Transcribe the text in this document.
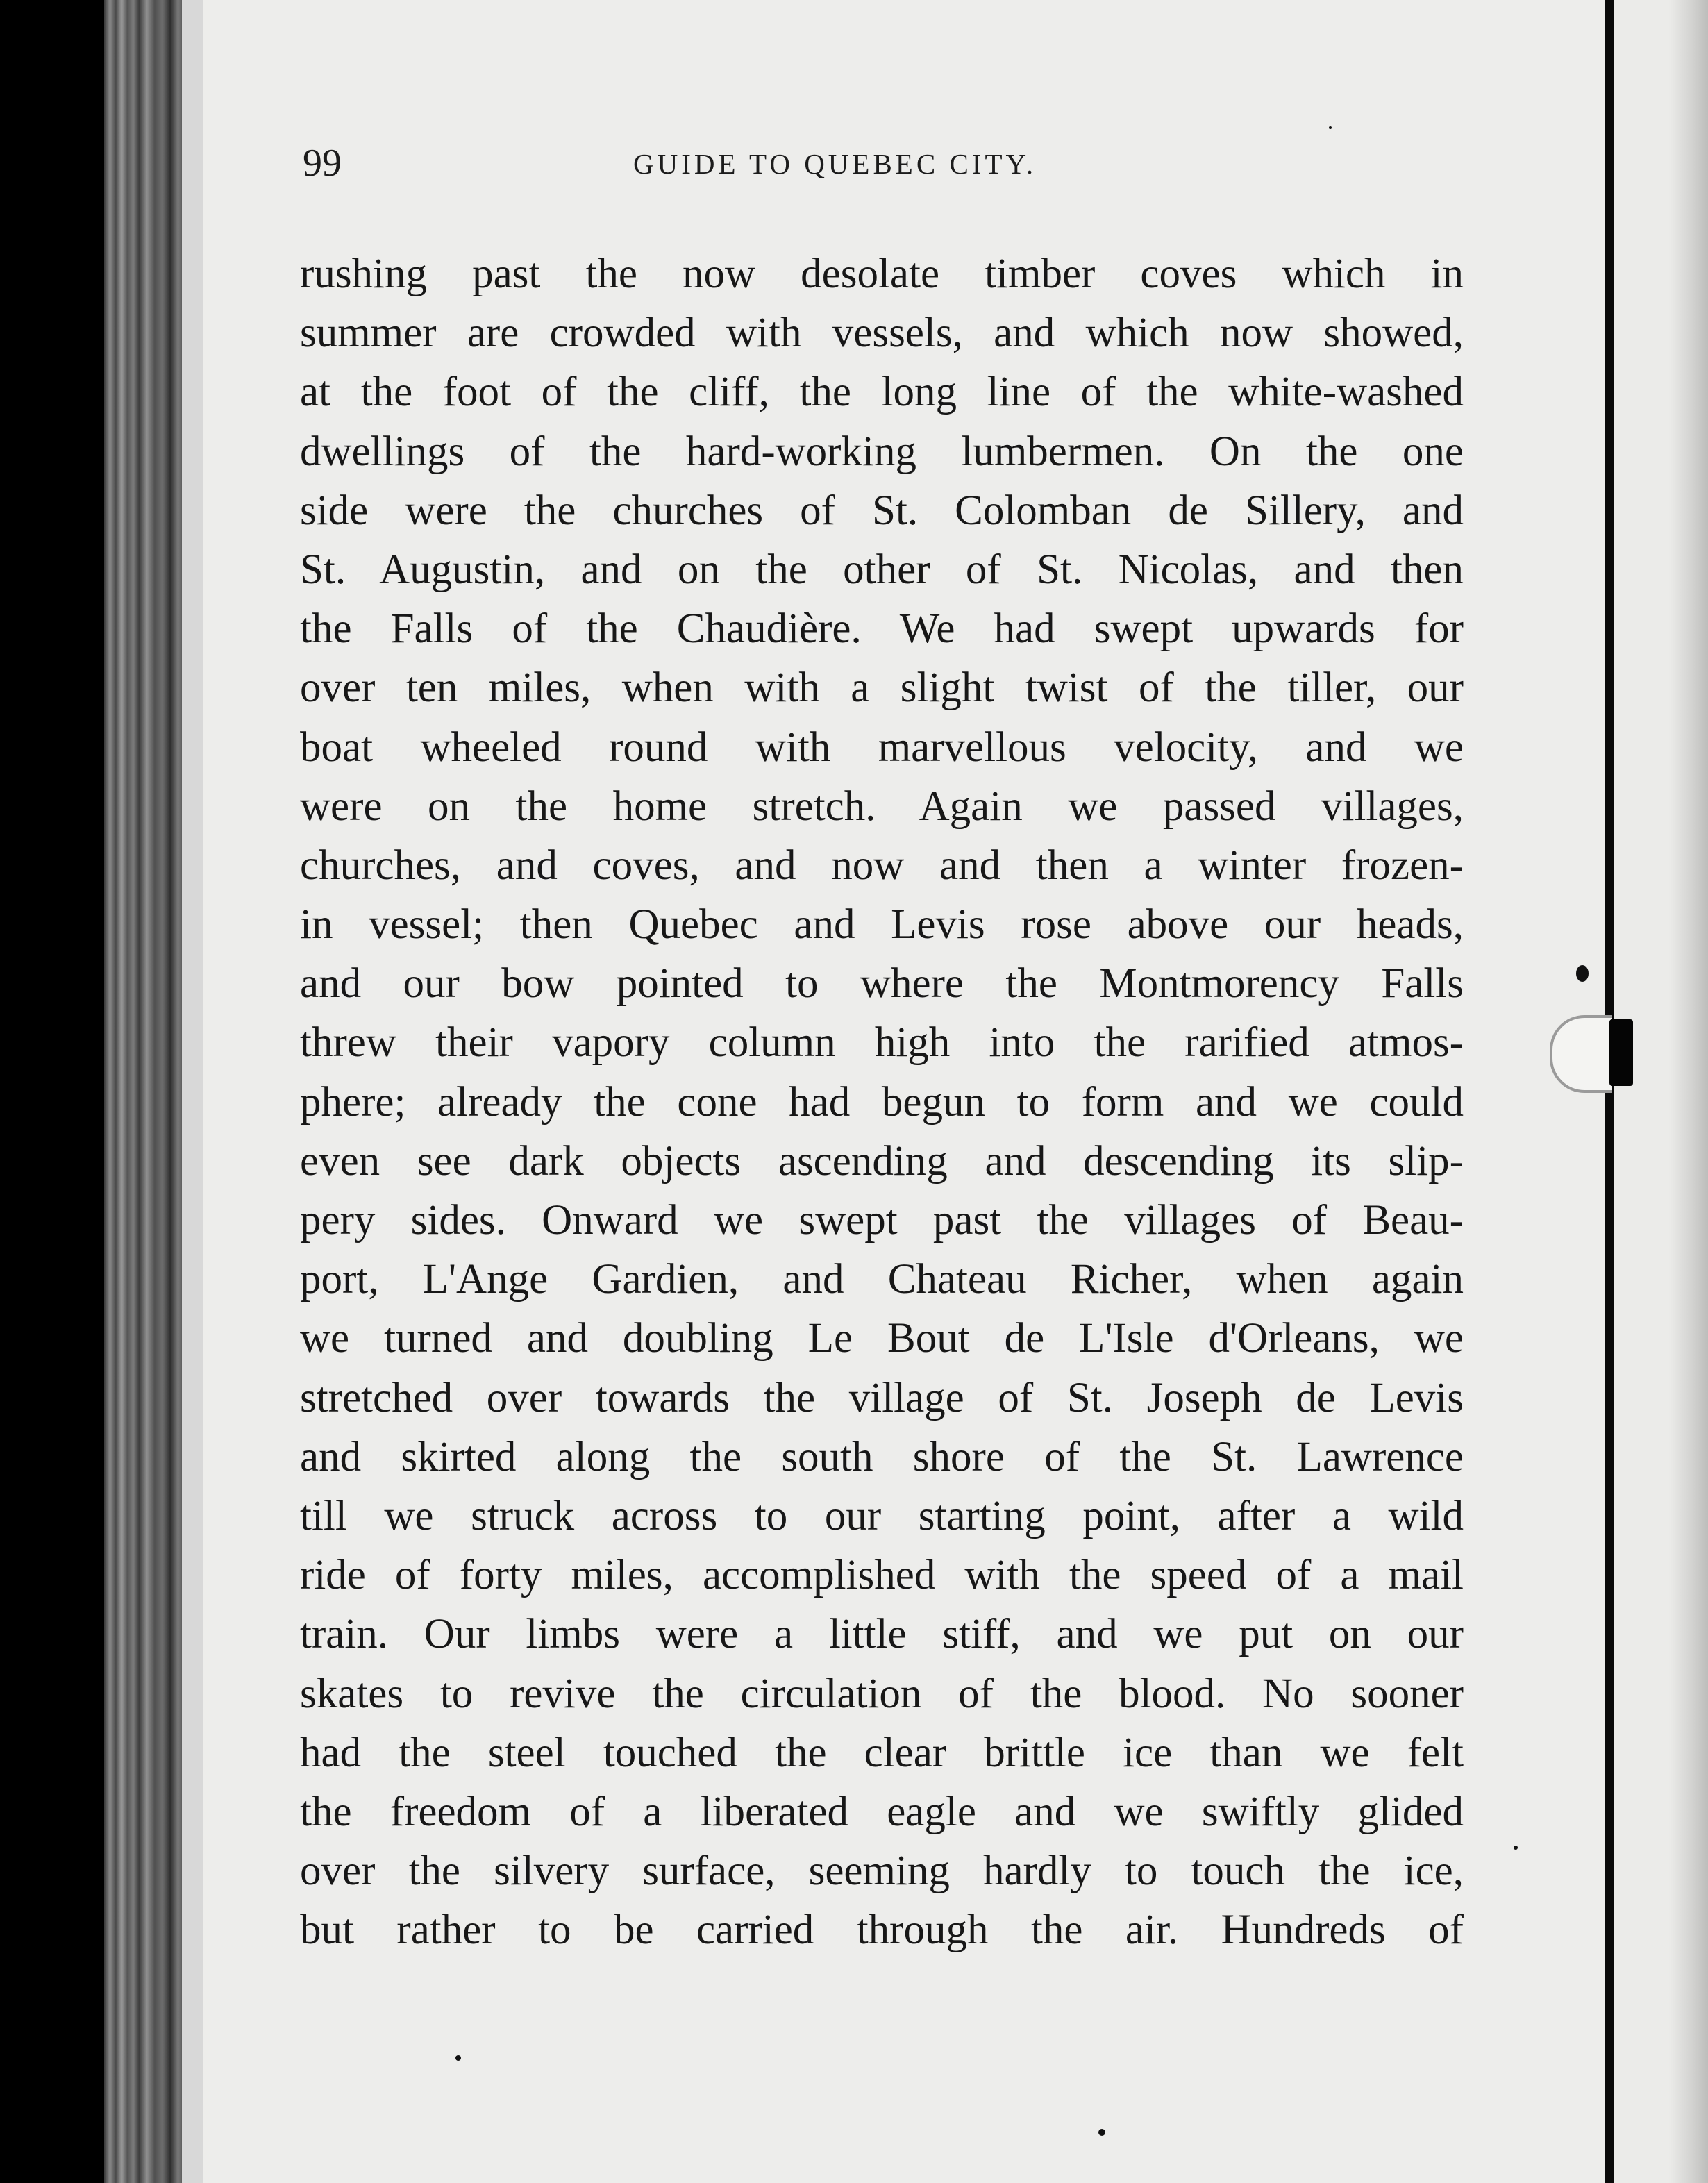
99	GUIDE TO QUEBEC CITY.
rushing past the now desolate timber coves which in
summer are crowded with vessels, and which now showed,
at the foot of the cliff, the long line of the white-washed
dwellings of the hard-working lumbermen. On the one
side were the churches of St. Colomban de Sillery, and
St. Augustin, and on the other of St. Nicolas, and then
the Falls of the Chaudière. We had swept upwards for
over ten miles, when with a slight twist of the tiller, our
boat wheeled round with marvellous velocity, and we
were on the home stretch. Again we passed villages,
churches, and coves, and now and then a winter frozen-
in vessel; then Quebec and Levis rose above our heads,
and our bow pointed to where the Montmorency Falls
threw their vapory column high into the rarified atmos-
phere; already the cone had begun to form and we could
even see dark objects ascending and descending its slip-
pery sides. Onward we swept past the villages of Beau-
port, L'Ange Gardien, and Chateau Richer, when again
we turned and doubling Le Bout de L'Isle d'Orleans, we
stretched over towards the village of St. Joseph de Levis
and skirted along the south shore of the St. Lawrence
till we struck across to our starting point, after a wild
ride of forty miles, accomplished with the speed of a mail
train. Our limbs were a little stiff, and we put on our
skates to revive the circulation of the blood. No sooner
had the steel touched the clear brittle ice than we felt
the freedom of a liberated eagle and we swiftly glided
over the silvery surface, seeming hardly to touch the ice,
but rather to be carried through the air. Hundreds of
